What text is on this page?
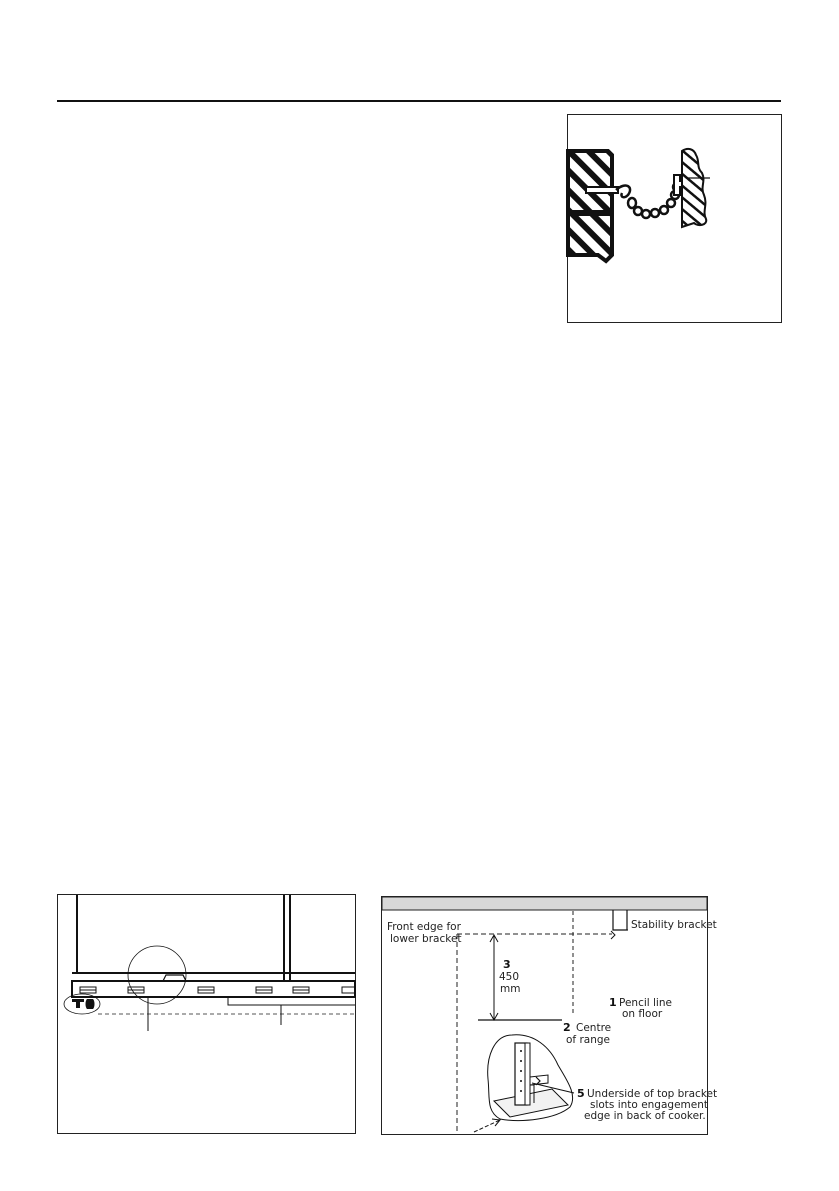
Front edge for
lower bracket
Stability bracket
3
450
mm
1 Pencil line
on floor
2 Centre
of range
5 Underside of top bracket
slots into engagement
edge in back of cooker.
